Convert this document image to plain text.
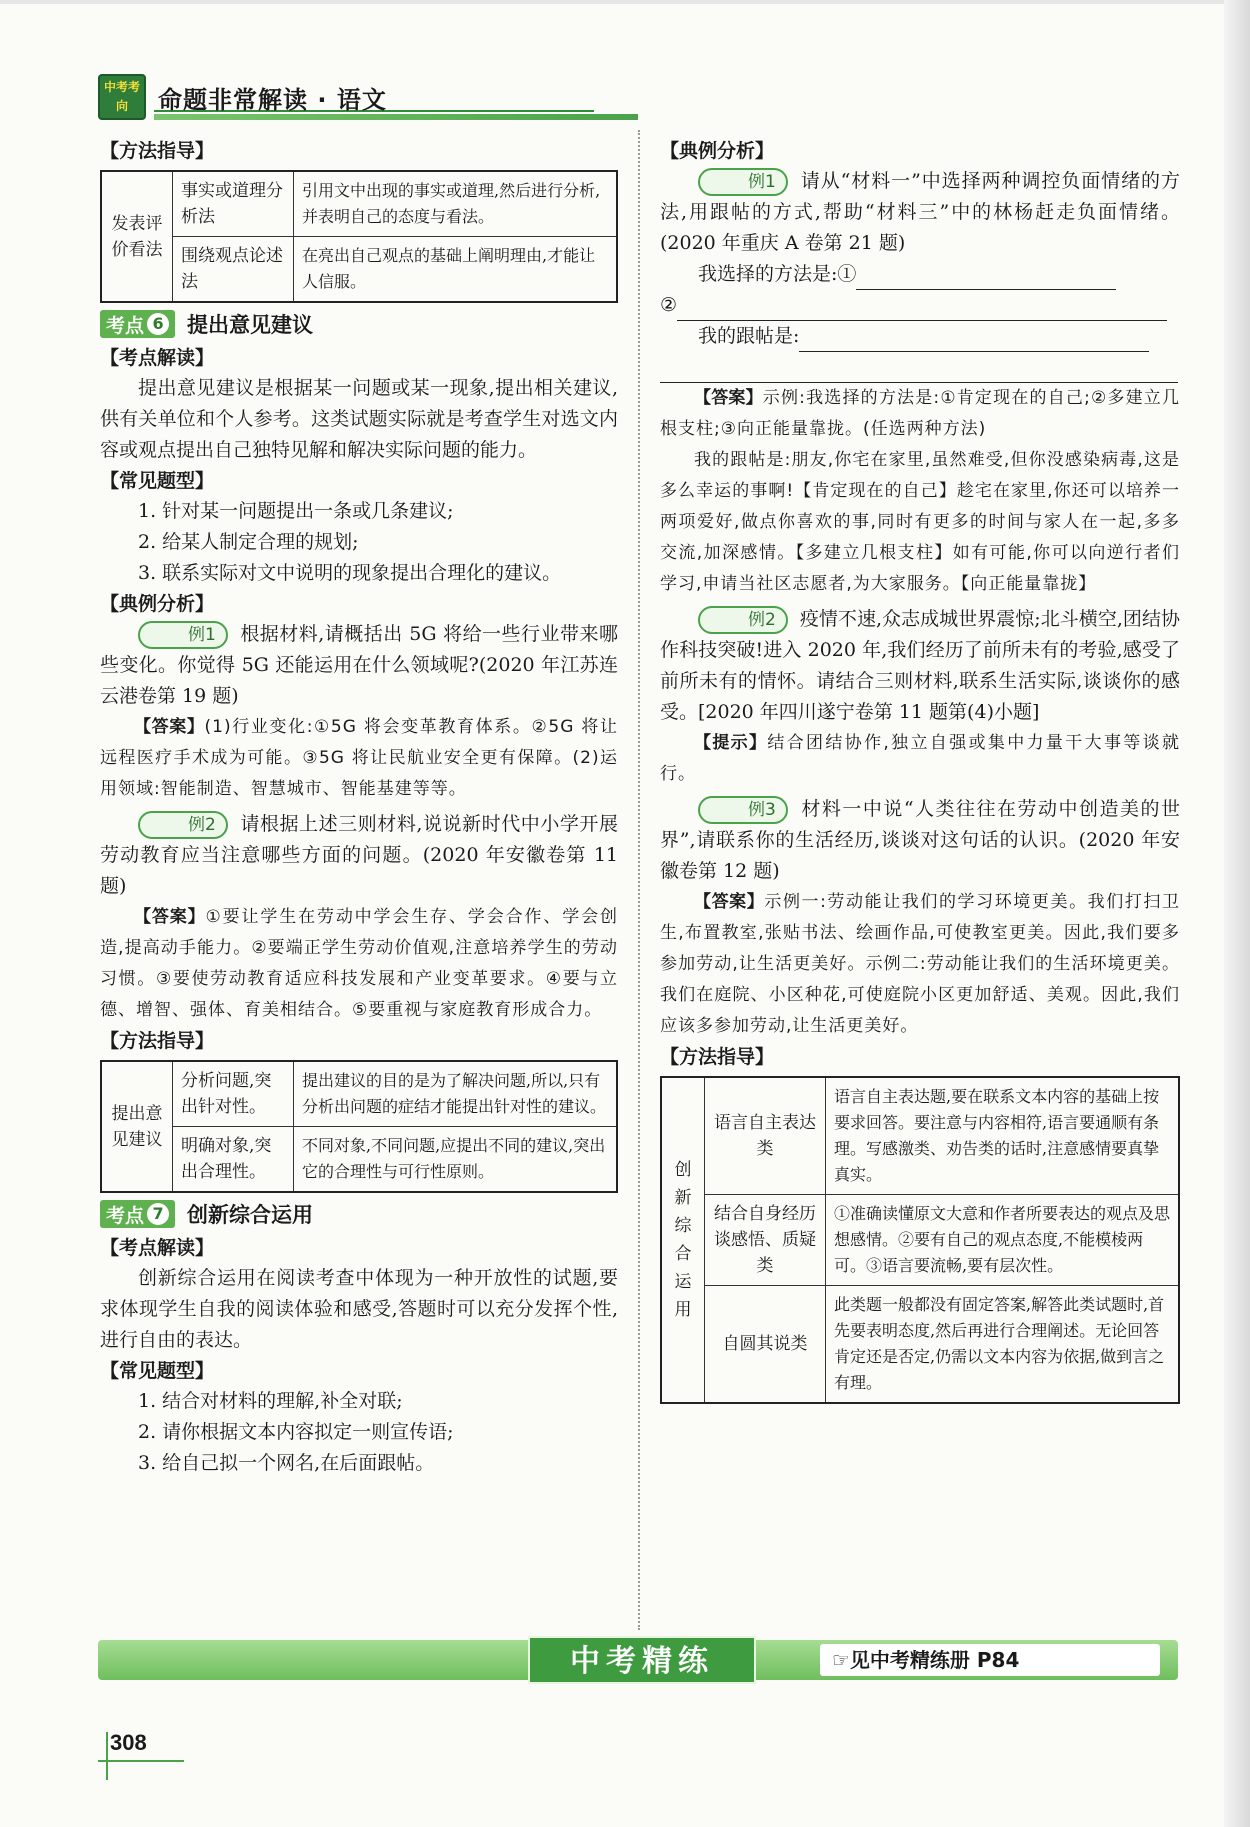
中考考向	命题非常解读 · 语文

【方法指导】

发表评价看法	事实或道理分析法	引用文中出现的事实或道理,然后进行分析,并表明自己的态度与看法。
	围绕观点论述法	在亮出自己观点的基础上阐明理由,才能让人信服。
考点 6 提出意见建议

【考点解读】

提出意见建议是根据某一问题或某一现象,提出相关建议,供有关单位和个人参考。这类试题实际就是考查学生对选文内容或观点提出自己独特见解和解决实际问题的能力。

【常见题型】

1. 针对某一问题提出一条或几条建议;

2. 给某人制定合理的规划;

3. 联系实际对文中说明的现象提出合理化的建议。

【典例分析】

例1 根据材料,请概括出 5G 将给一些行业带来哪些变化。你觉得 5G 还能运用在什么领域呢?(2020 年江苏连云港卷第 19 题)

【答案】(1)行业变化:①5G 将会变革教育体系。②5G 将让远程医疗手术成为可能。③5G 将让民航业安全更有保障。(2)运用领域:智能制造、智慧城市、智能基建等等。

例2 请根据上述三则材料,说说新时代中小学开展劳动教育应当注意哪些方面的问题。(2020 年安徽卷第 11 题)

【答案】①要让学生在劳动中学会生存、学会合作、学会创造,提高动手能力。②要端正学生劳动价值观,注意培养学生的劳动习惯。③要使劳动教育适应科技发展和产业变革要求。④要与立德、增智、强体、育美相结合。⑤要重视与家庭教育形成合力。

【方法指导】

提出意见建议	分析问题,突出针对性。	提出建议的目的是为了解决问题,所以,只有分析出问题的症结才能提出针对性的建议。
	明确对象,突出合理性。	不同对象,不同问题,应提出不同的建议,突出它的合理性与可行性原则。
考点 7 创新综合运用

【考点解读】

创新综合运用在阅读考查中体现为一种开放性的试题,要求体现学生自我的阅读体验和感受,答题时可以充分发挥个性,进行自由的表达。

【常见题型】

1. 结合对材料的理解,补全对联;

2. 请你根据文本内容拟定一则宣传语;

3. 给自己拟一个网名,在后面跟帖。

【典例分析】

例1 请从“材料一”中选择两种调控负面情绪的方法,用跟帖的方式,帮助“材料三”中的林杨赶走负面情绪。(2020 年重庆 A 卷第 21 题)

我选择的方法是:①

②

我的跟帖是:

【答案】示例:我选择的方法是:①肯定现在的自己;②多建立几根支柱;③向正能量靠拢。(任选两种方法)

我的跟帖是:朋友,你宅在家里,虽然难受,但你没感染病毒,这是多么幸运的事啊!【肯定现在的自己】趁宅在家里,你还可以培养一两项爱好,做点你喜欢的事,同时有更多的时间与家人在一起,多多交流,加深感情。【多建立几根支柱】如有可能,你可以向逆行者们学习,申请当社区志愿者,为大家服务。【向正能量靠拢】

例2 疫情不速,众志成城世界震惊;北斗横空,团结协作科技突破!进入 2020 年,我们经历了前所未有的考验,感受了前所未有的情怀。请结合三则材料,联系生活实际,谈谈你的感受。[2020 年四川遂宁卷第 11 题第(4)小题]

【提示】结合团结协作,独立自强或集中力量干大事等谈就行。

例3 材料一中说“人类往往在劳动中创造美的世界”,请联系你的生活经历,谈谈对这句话的认识。(2020 年安徽卷第 12 题)

【答案】示例一:劳动能让我们的学习环境更美。我们打扫卫生,布置教室,张贴书法、绘画作品,可使教室更美。因此,我们要多参加劳动,让生活更美好。示例二:劳动能让我们的生活环境更美。我们在庭院、小区种花,可使庭院小区更加舒适、美观。因此,我们应该多参加劳动,让生活更美好。

【方法指导】

创新综合运用	语言自主表达类	语言自主表达题,要在联系文本内容的基础上按要求回答。要注意与内容相符,语言要通顺有条理。写感激类、劝告类的话时,注意感情要真挚真实。
	结合自身经历谈感悟、质疑类	①准确读懂原文大意和作者所要表达的观点及思想感情。②要有自己的观点态度,不能模棱两可。③语言要流畅,要有层次性。
	自圆其说类	此类题一般都没有固定答案,解答此类试题时,首先要表明态度,然后再进行合理阐述。无论回答肯定还是否定,仍需以文本内容为依据,做到言之有理。
中考精练	☞见中考精练册 P84
308
